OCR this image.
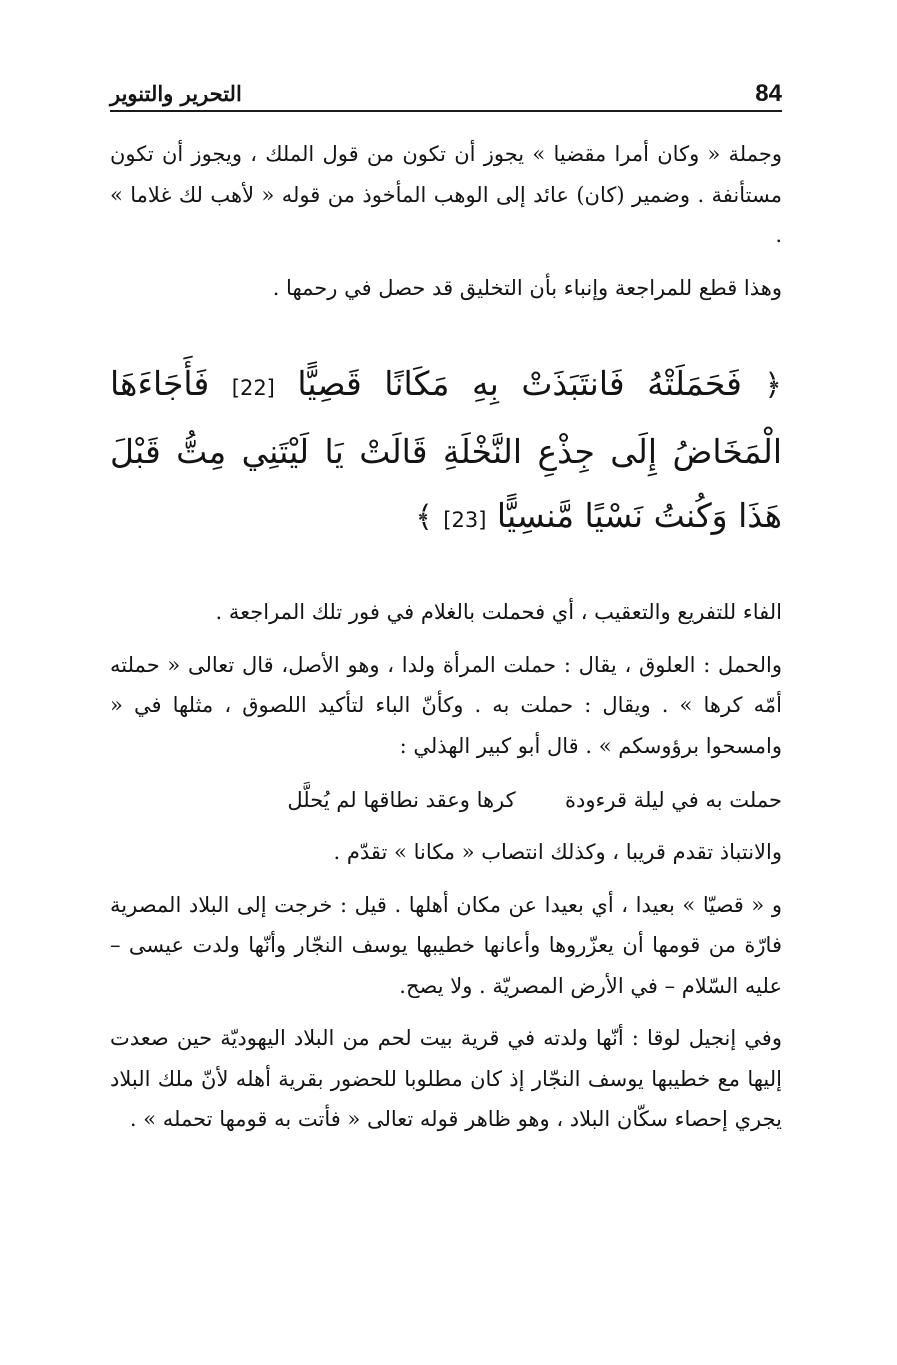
84
التحرير والتنوير

وجملة « وكان أمرا مقضيا » يجوز أن تكون من قول الملك ، ويجوز أن تكون مستأنفة . وضمير (كان) عائد إلى الوهب المأخوذ من قوله « لأهب لك غلاما » .

وهذا قطع للمراجعة وإنباء بأن التخليق قد حصل في رحمها .

﴿ فَحَمَلَتْهُ فَانتَبَذَتْ بِهِ مَكَانًا قَصِيًّا [22] فَأَجَاءَهَا الْمَخَاضُ إِلَى جِذْعِ النَّخْلَةِ قَالَتْ يَا لَيْتَنِي مِتُّ قَبْلَ هَذَا وَكُنتُ نَسْيًا مَّنسِيًّا [23] ﴾

الفاء للتفريع والتعقيب ، أي فحملت بالغلام في فور تلك المراجعة .

والحمل : العلوق ، يقال : حملت المرأة ولدا ، وهو الأصل، قال تعالى « حملته أمّه كرها » . ويقال : حملت به . وكأنّ الباء لتأكيد اللصوق ، مثلها في « وامسحوا برؤوسكم » . قال أبو كبير الهذلي :

حملت به في ليلة قرءودة  كرها وعقد نطاقها لم يُحلَّل

والانتباذ تقدم قريبا ، وكذلك انتصاب « مكانا » تقدّم .

و « قصيّا » بعيدا ، أي بعيدا عن مكان أهلها . قيل : خرجت إلى البلاد المصرية فارّة من قومها أن يعزّروها وأعانها خطيبها يوسف النجّار وأنّها ولدت عيسى – عليه السّلام – في الأرض المصريّة . ولا يصح.

وفي إنجيل لوقا : أنّها ولدته في قرية بيت لحم من البلاد اليهوديّة حين صعدت إليها مع خطيبها يوسف النجّار إذ كان مطلوبا للحضور بقرية أهله لأنّ ملك البلاد يجري إحصاء سكّان البلاد ، وهو ظاهر قوله تعالى « فأتت به قومها تحمله » .
